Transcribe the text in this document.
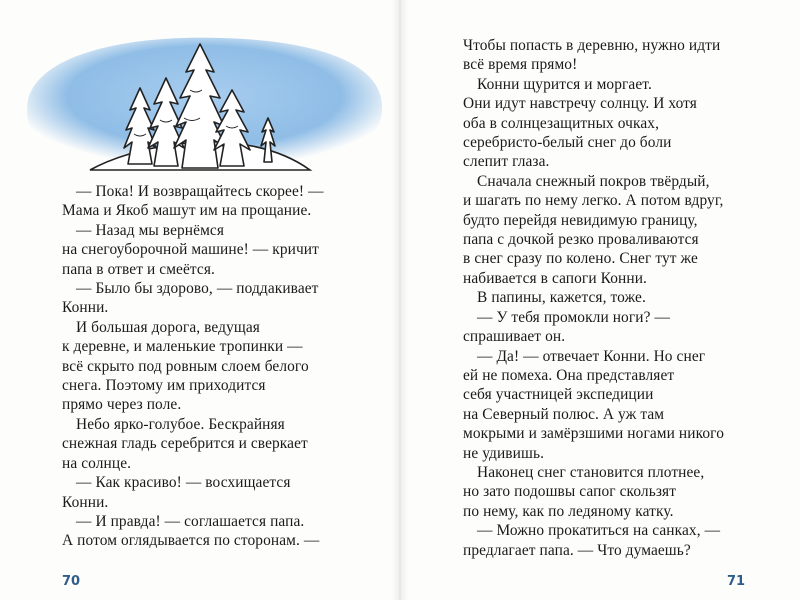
— Пока! И возвращайтесь скорее! —
Мама и Якоб машут им на прощание.
— Назад мы вернёмся
на снегоуборочной машине! — кричит
папа в ответ и смеётся.
— Было бы здорово, — поддакивает
Конни.
И большая дорога, ведущая
к деревне, и маленькие тропинки —
всё скрыто под ровным слоем белого
снега. Поэтому им приходится
прямо через поле.
Небо ярко-голубое. Бескрайняя
снежная гладь серебрится и сверкает
на солнце.
— Как красиво! — восхищается
Конни.
— И правда! — соглашается папа.
А потом оглядывается по сторонам. —
70
Чтобы попасть в деревню, нужно идти
всё время прямо!
Конни щурится и моргает.
Они идут навстречу солнцу. И хотя
оба в солнцезащитных очках,
серебристо-белый снег до боли
слепит глаза.
Сначала снежный покров твёрдый,
и шагать по нему легко. А потом вдруг,
будто перейдя невидимую границу,
папа с дочкой резко проваливаются
в снег сразу по колено. Снег тут же
набивается в сапоги Конни.
В папины, кажется, тоже.
— У тебя промокли ноги? —
спрашивает он.
— Да! — отвечает Конни. Но снег
ей не помеха. Она представляет
себя участницей экспедиции
на Северный полюс. А уж там
мокрыми и замёрзшими ногами никого
не удивишь.
Наконец снег становится плотнее,
но зато подошвы сапог скользят
по нему, как по ледяному катку.
— Можно прокатиться на санках, —
предлагает папа. — Что думаешь?
71
